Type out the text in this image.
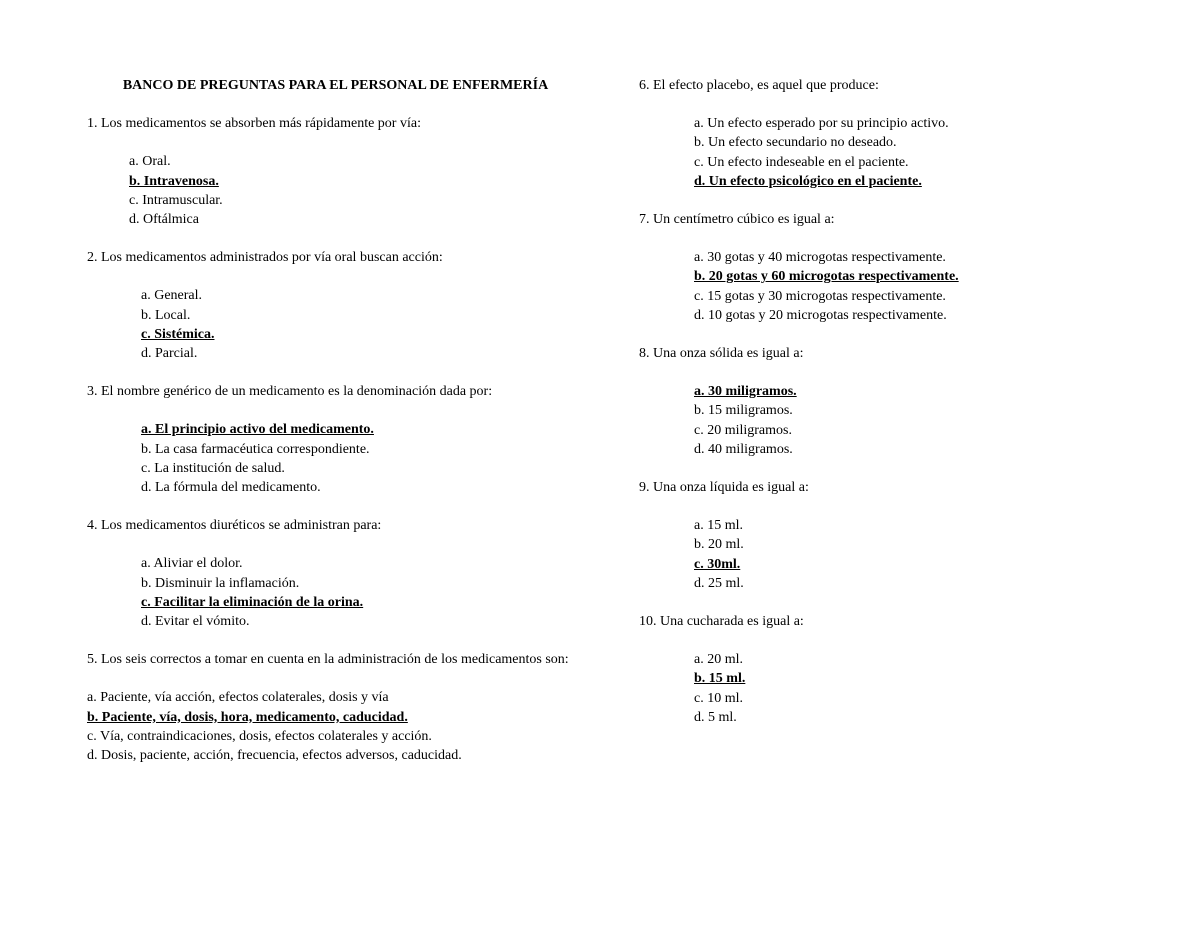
BANCO DE PREGUNTAS PARA EL PERSONAL DE ENFERMERÍA
1. Los medicamentos se absorben más rápidamente por vía:
a. Oral.
b. Intravenosa.
c. Intramuscular.
d. Oftálmica
2. Los medicamentos administrados por vía oral buscan acción:
a. General.
b. Local.
c. Sistémica.
d. Parcial.
3. El nombre genérico de un medicamento es la denominación dada por:
a. El principio activo del medicamento.
b. La casa farmacéutica correspondiente.
c. La institución de salud.
d. La fórmula del medicamento.
4. Los medicamentos diuréticos se administran para:
a. Aliviar el dolor.
b. Disminuir la inflamación.
c. Facilitar la eliminación de la orina.
d. Evitar el vómito.
5. Los seis correctos a tomar en cuenta en la administración de los medicamentos son:
a. Paciente, vía acción, efectos colaterales, dosis y vía
b. Paciente, vía, dosis, hora, medicamento, caducidad.
c. Vía, contraindicaciones, dosis, efectos colaterales y acción.
d. Dosis, paciente, acción, frecuencia, efectos adversos, caducidad.
6. El efecto placebo, es aquel que produce:
a. Un efecto esperado por su principio activo.
b. Un efecto secundario no deseado.
c. Un efecto indeseable en el paciente.
d. Un efecto psicológico en el paciente.
7. Un centímetro cúbico es igual a:
a. 30 gotas y 40 microgotas respectivamente.
b. 20 gotas y 60 microgotas respectivamente.
c. 15 gotas y 30 microgotas respectivamente.
d. 10 gotas y 20 microgotas respectivamente.
8. Una onza sólida es igual a:
a. 30 miligramos.
b. 15 miligramos.
c. 20 miligramos.
d. 40 miligramos.
9. Una onza líquida es igual a:
a. 15 ml.
b. 20 ml.
c. 30ml.
d. 25 ml.
10. Una cucharada es igual a:
a. 20 ml.
b. 15 ml.
c. 10 ml.
d. 5 ml.
